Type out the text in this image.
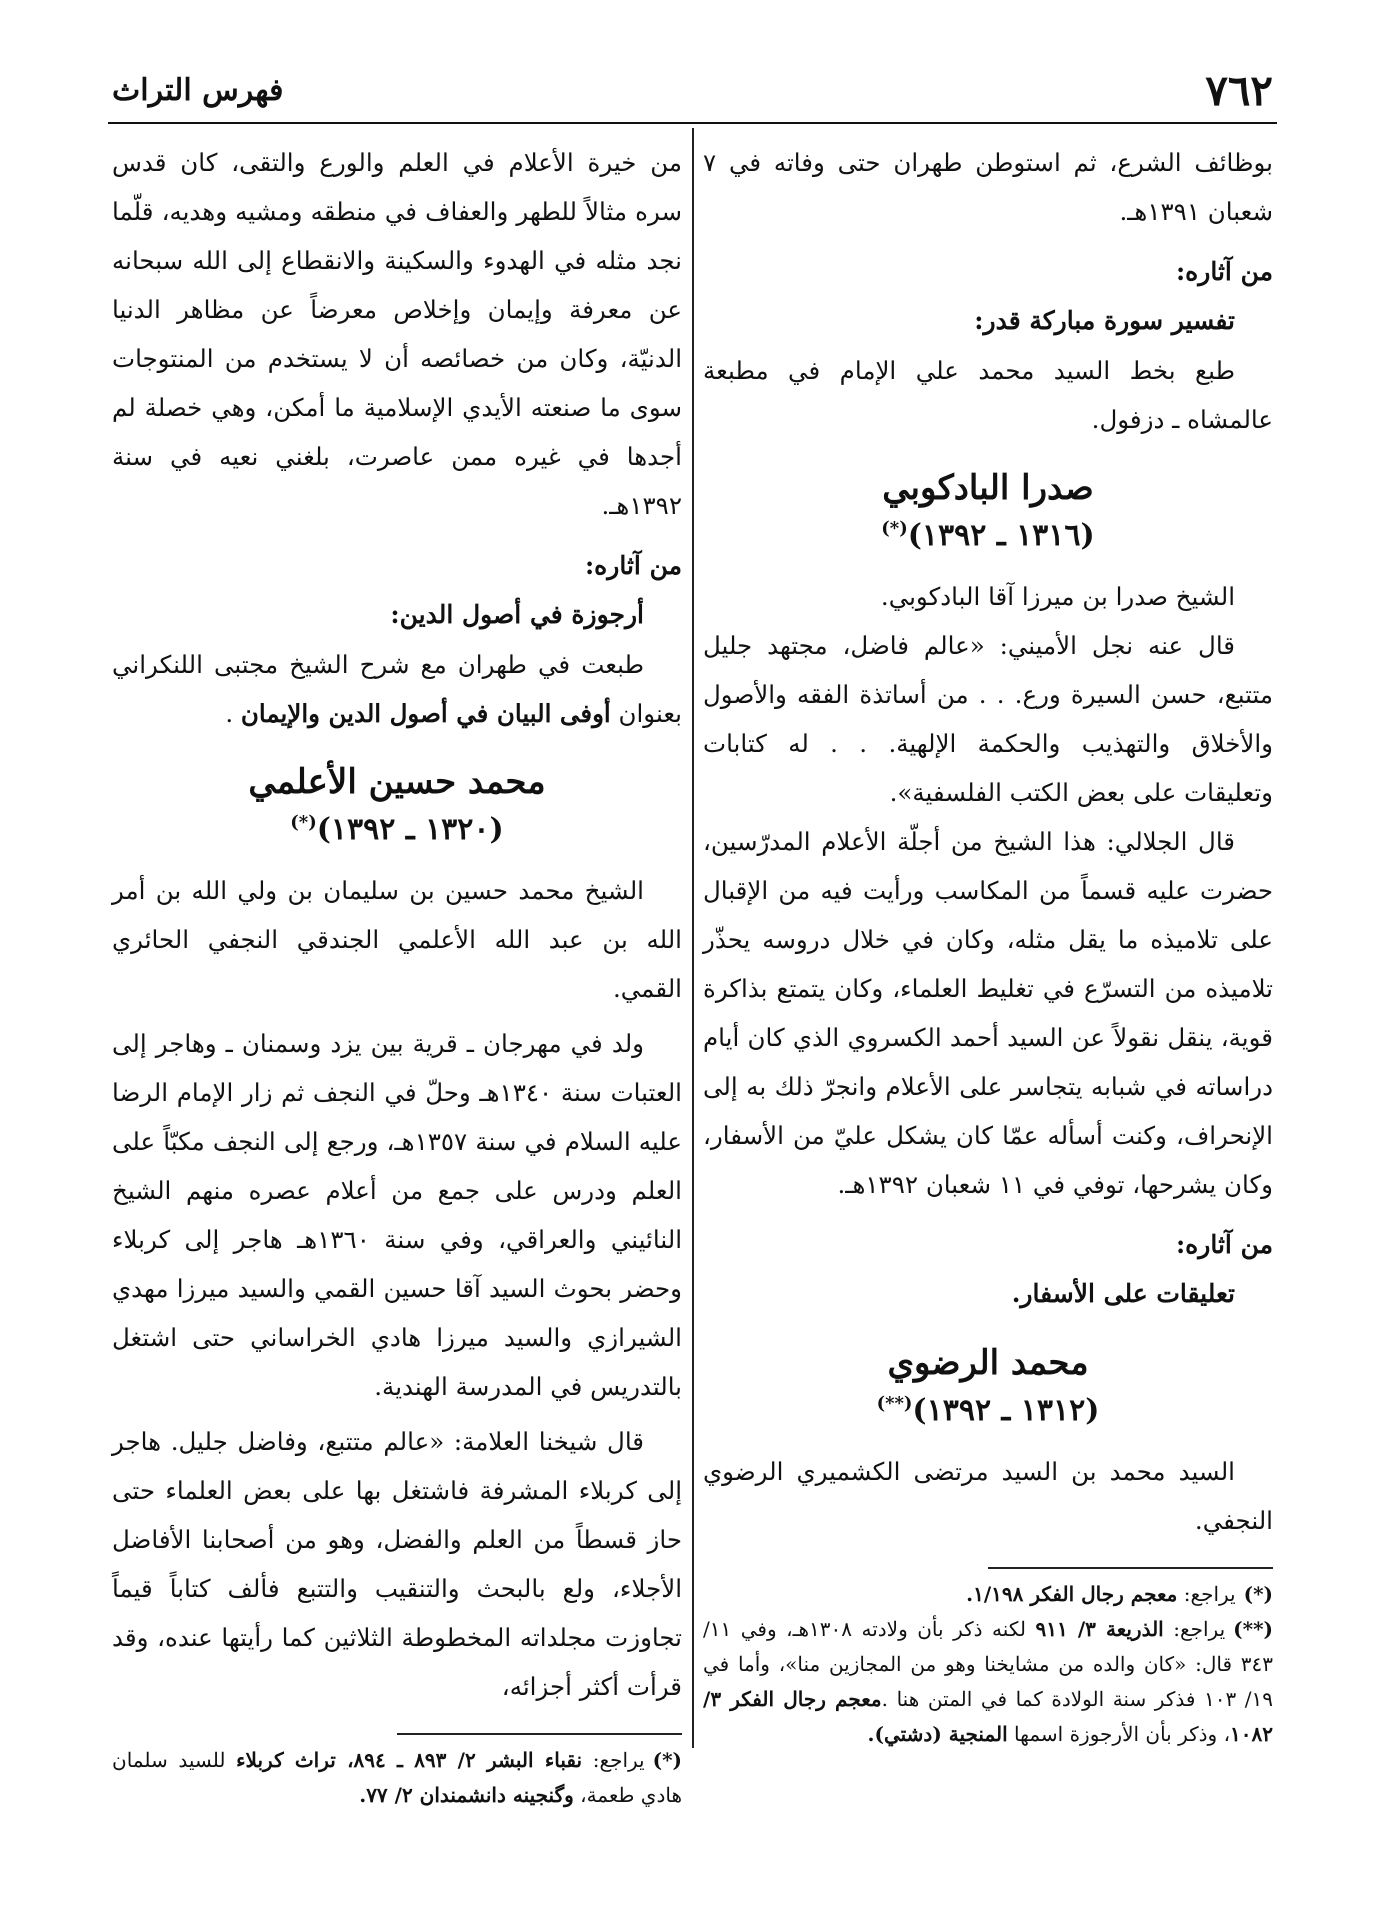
٧٦٢
فهرس التراث

بوظائف الشرع، ثم استوطن طهران حتى وفاته في ٧ شعبان ١٣٩١هـ.

من آثاره:
تفسير سورة مباركة قدر:

طبع بخط السيد محمد علي الإمام في مطبعة عالمشاه ـ دزفول.

صدرا البادكوبي
(١٣١٦ ـ ١٣٩٢)(*)

الشيخ صدرا بن ميرزا آقا البادكوبي.

قال عنه نجل الأميني: «عالم فاضل، مجتهد جليل متتبع، حسن السيرة ورع. . . من أساتذة الفقه والأصول والأخلاق والتهذيب والحكمة الإلهية. . . له كتابات وتعليقات على بعض الكتب الفلسفية».

قال الجلالي: هذا الشيخ من أجلّة الأعلام المدرّسين، حضرت عليه قسماً من المكاسب ورأيت فيه من الإقبال على تلاميذه ما يقل مثله، وكان في خلال دروسه يحذّر تلاميذه من التسرّع في تغليط العلماء، وكان يتمتع بذاكرة قوية، ينقل نقولاً عن السيد أحمد الكسروي الذي كان أيام دراساته في شبابه يتجاسر على الأعلام وانجرّ ذلك به إلى الإنحراف، وكنت أسأله عمّا كان يشكل عليّ من الأسفار، وكان يشرحها، توفي في ١١ شعبان ١٣٩٢هـ.

من آثاره:
تعليقات على الأسفار.
محمد الرضوي
(١٣١٢ ـ ١٣٩٢)(**)

السيد محمد بن السيد مرتضى الكشميري الرضوي النجفي.

(*)يراجع: معجم رجال الفكر ١/١٩٨.
(**)يراجع: الذريعة ٣/ ٩١١ لكنه ذكر بأن ولادته ١٣٠٨هـ، وفي ١١/ ٣٤٣ قال: «كان والده من مشايخنا وهو من المجازين منا»، وأما في ١٩/ ١٠٣ فذكر سنة الولادة كما في المتن هنا .معجم رجال الفكر ٣/ ١٠٨٢، وذكر بأن الأرجوزة اسمها المنجية (دشتي).

من خيرة الأعلام في العلم والورع والتقى، كان قدس سره مثالاً للطهر والعفاف في منطقه ومشيه وهديه، قلّما نجد مثله في الهدوء والسكينة والانقطاع إلى الله سبحانه عن معرفة وإيمان وإخلاص معرضاً عن مظاهر الدنيا الدنيّة، وكان من خصائصه أن لا يستخدم من المنتوجات سوى ما صنعته الأيدي الإسلامية ما أمكن، وهي خصلة لم أجدها في غيره ممن عاصرت، بلغني نعيه في سنة ١٣٩٢هـ.

من آثاره:
أرجوزة في أصول الدين:

طبعت في طهران مع شرح الشيخ مجتبى اللنكراني بعنوان أوفى البيان في أصول الدين والإيمان .

محمد حسين الأعلمي
(١٣٢٠ ـ ١٣٩٢)(*)

الشيخ محمد حسين بن سليمان بن ولي الله بن أمر الله بن عبد الله الأعلمي الجندقي النجفي الحائري القمي.

ولد في مهرجان ـ قرية بين يزد وسمنان ـ وهاجر إلى العتبات سنة ١٣٤٠هـ وحلّ في النجف ثم زار الإمام الرضا عليه السلام في سنة ١٣٥٧هـ، ورجع إلى النجف مكبّاً على العلم ودرس على جمع من أعلام عصره منهم الشيخ النائيني والعراقي، وفي سنة ١٣٦٠هـ هاجر إلى كربلاء وحضر بحوث السيد آقا حسين القمي والسيد ميرزا مهدي الشيرازي والسيد ميرزا هادي الخراساني حتى اشتغل بالتدريس في المدرسة الهندية.

قال شيخنا العلامة: «عالم متتبع، وفاضل جليل. هاجر إلى كربلاء المشرفة فاشتغل بها على بعض العلماء حتى حاز قسطاً من العلم والفضل، وهو من أصحابنا الأفاضل الأجلاء، ولع بالبحث والتنقيب والتتبع فألف كتاباً قيماً تجاوزت مجلداته المخطوطة الثلاثين كما رأيتها عنده، وقد قرأت أكثر أجزائه،

(*)يراجع: نقباء البشر ٢/ ٨٩٣ ـ ٨٩٤، تراث كربلاء للسيد سلمان هادي طعمة، وگنجينه دانشمندان ٢/ ٧٧.
